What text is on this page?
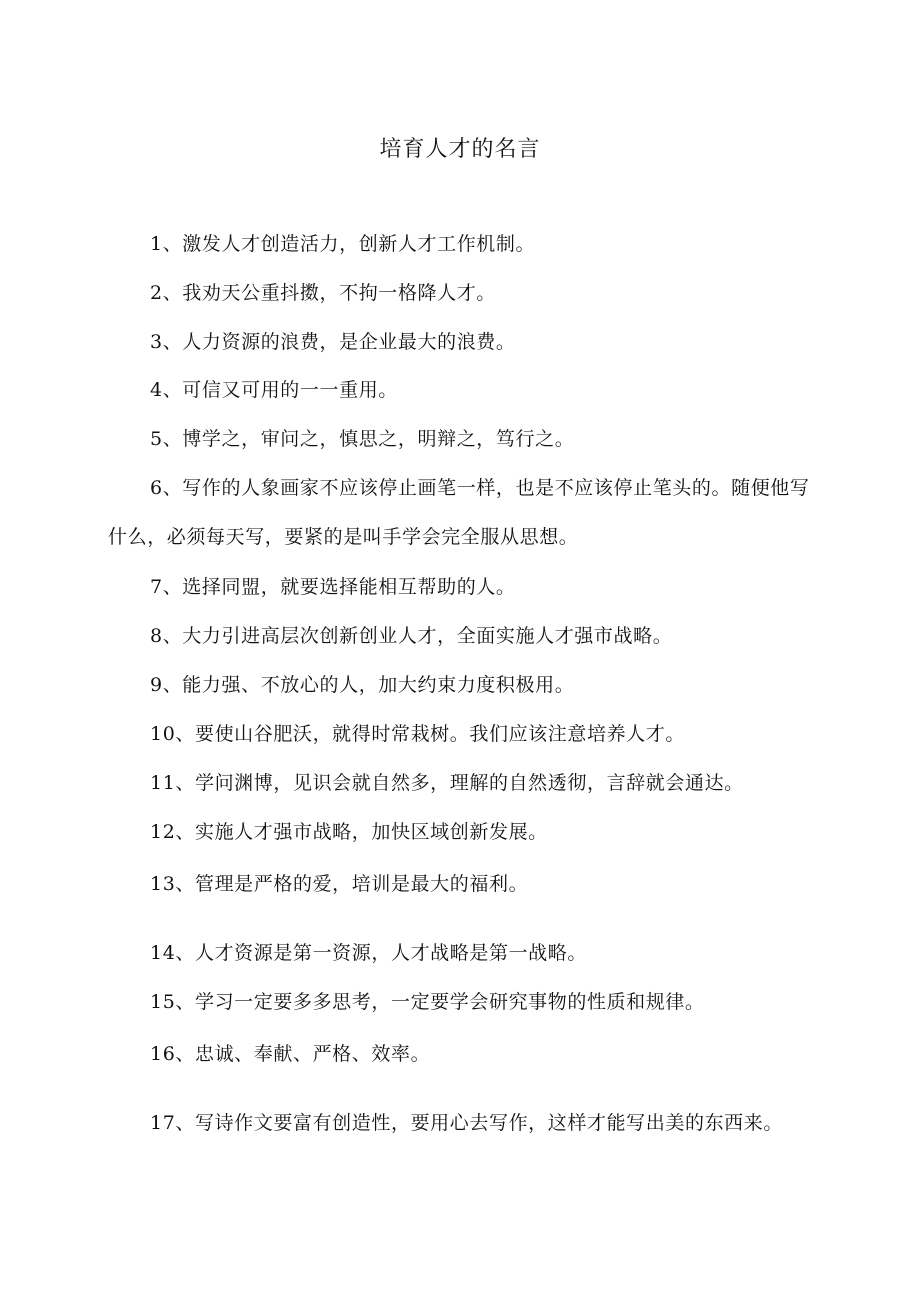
培育人才的名言

1、激发人才创造活力，创新人才工作机制。

2、我劝天公重抖擞，不拘一格降人才。

3、人力资源的浪费，是企业最大的浪费。

4、可信又可用的一一重用。

5、博学之，审问之，慎思之，明辩之，笃行之。

6、写作的人象画家不应该停止画笔一样，也是不应该停止笔头的。随便他写什么，必须每天写，要紧的是叫手学会完全服从思想。

7、选择同盟，就要选择能相互帮助的人。

8、大力引进高层次创新创业人才，全面实施人才强市战略。

9、能力强、不放心的人，加大约束力度积极用。

10、要使山谷肥沃，就得时常栽树。我们应该注意培养人才。

11、学问渊博，见识会就自然多，理解的自然透彻，言辞就会通达。

12、实施人才强市战略，加快区域创新发展。

13、管理是严格的爱，培训是最大的福利。

14、人才资源是第一资源，人才战略是第一战略。

15、学习一定要多多思考，一定要学会研究事物的性质和规律。

16、忠诚、奉献、严格、效率。

17、写诗作文要富有创造性，要用心去写作，这样才能写出美的东西来。
